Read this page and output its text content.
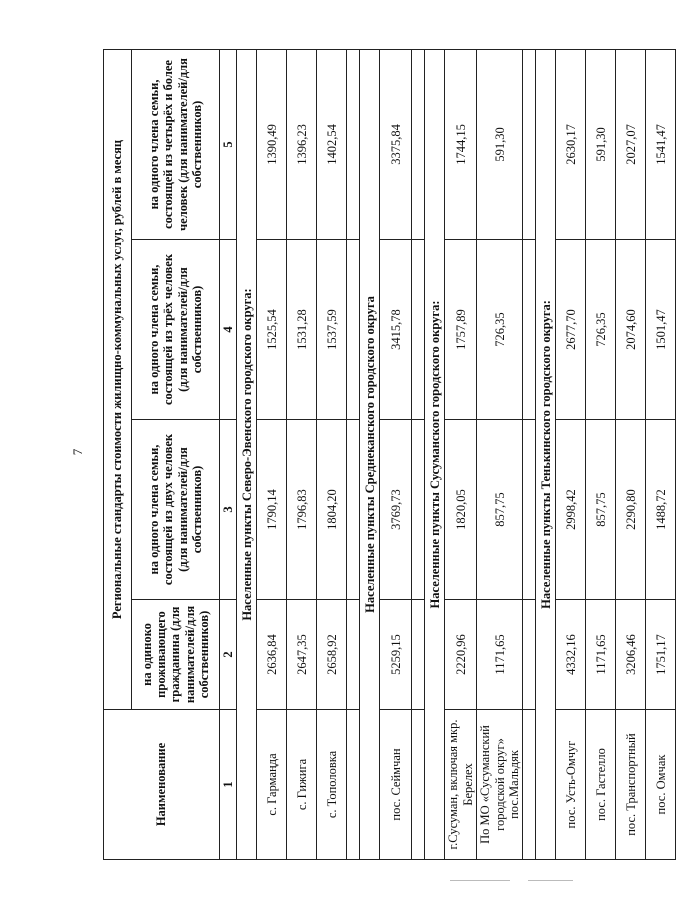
7
Наименование	Региональные стандарты стоимости жилищно-коммунальных услуг, рублей в месяц			
	на одиноко проживающего гражданина (для нанимателей/для собственников)	на одного члена семьи, состоящей из двух человек (для нанимателей/для собственников)	на одного члена семьи, состоящей из трёх человек (для нанимателей/для собственников)	на одного члена семьи, состоящей из четырёх и более человек (для нанимателей/для собственников)
1	2	3	4	5
Населенные пункты Северо-Эвенского городского округа:				
с. Гармаңда	2636,84	1790,14	1525,54	1390,49
с. Гижига	2647,35	1796,83	1531,28	1396,23
с. Тополовка	2658,92	1804,20	1537,59	1402,54

Населенные пункты Среднеканского городского округа				
пос. Сеймчан	5259,15	3769,73	3415,78	3375,84

Населенные пункты Сусуманского городского округа:				
г.Сусуман, включая мкр. Берелех	2220,96	1820,05	1757,89	1744,15
По МО «Сусуманский городской округ» пос.Мальдяк	1171,65	857,75	726,35	591,30

Населенные пункты Тенькинского городского округа:				
пос. Усть-Омчуг	4332,16	2998,42	2677,70	2630,17
пос. Гастелло	1171,65	857,75	726,35	591,30
пос. Транспортный	3206,46	2290,80	2074,60	2027,07
пос. Омчак	1751,17	1488,72	1501,47	1541,47
